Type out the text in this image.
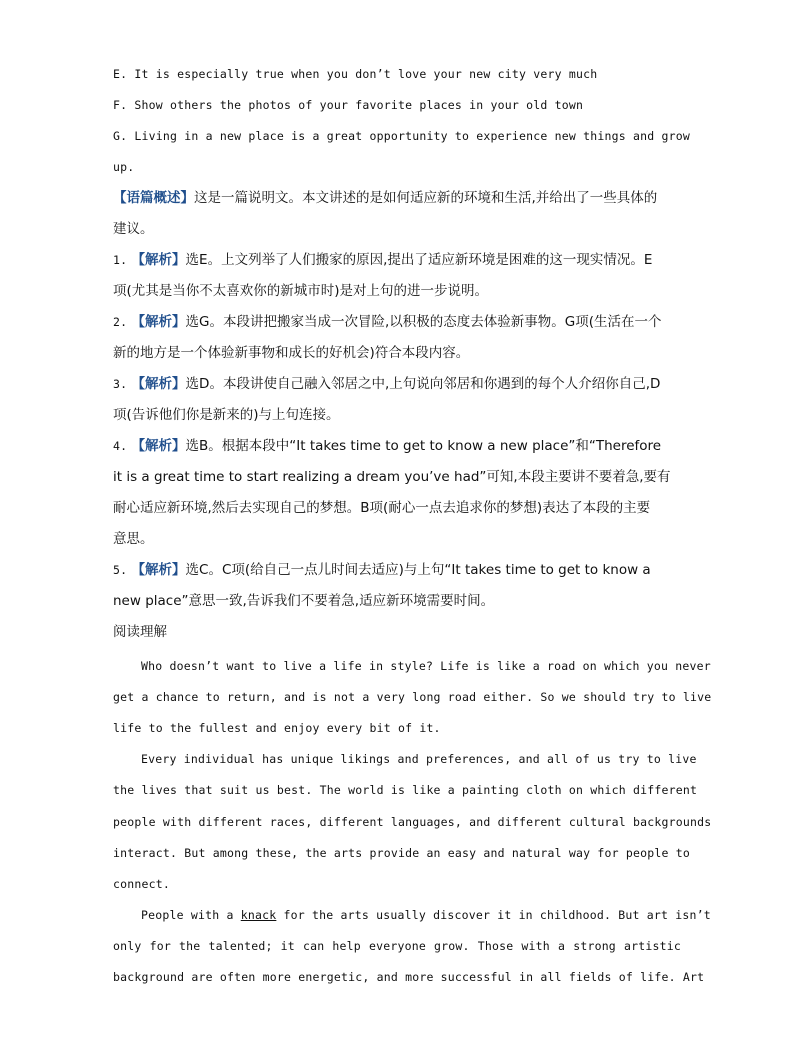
E. It is especially true when you don’t love your new city very much
F. Show others the photos of your favorite places in your old town
G. Living in a new place is a great opportunity to experience new things and grow
up.
【语篇概述】这是一篇说明文。本文讲述的是如何适应新的环境和生活,并给出了一些具体的
建议。
1. 【解析】选E。上文列举了人们搬家的原因,提出了适应新环境是困难的这一现实情况。E
项(尤其是当你不太喜欢你的新城市时)是对上句的进一步说明。
2. 【解析】选G。本段讲把搬家当成一次冒险,以积极的态度去体验新事物。G项(生活在一个
新的地方是一个体验新事物和成长的好机会)符合本段内容。
3. 【解析】选D。本段讲使自己融入邻居之中,上句说向邻居和你遇到的每个人介绍你自己,D
项(告诉他们你是新来的)与上句连接。
4. 【解析】选B。根据本段中“It takes time to get to know a new place”和“Therefore
it is a great time to start realizing a dream you’ve had”可知,本段主要讲不要着急,要有
耐心适应新环境,然后去实现自己的梦想。B项(耐心一点去追求你的梦想)表达了本段的主要
意思。
5. 【解析】选C。C项(给自己一点儿时间去适应)与上句“It takes time to get to know a
new place”意思一致,告诉我们不要着急,适应新环境需要时间。
阅读理解
Who doesn’t want to live a life in style? Life is like a road on which you never
get a chance to return, and is not a very long road either. So we should try to live
life to the fullest and enjoy every bit of it.
Every individual has unique likings and preferences, and all of us try to live
the lives that suit us best. The world is like a painting cloth on which different
people with different races, different languages, and different cultural backgrounds
interact. But among these, the arts provide an easy and natural way for people to
connect.
People with a knack for the arts usually discover it in childhood. But art isn’t
only for the talented; it can help everyone grow. Those with a strong artistic
background are often more energetic, and more successful in all fields of life. Art
